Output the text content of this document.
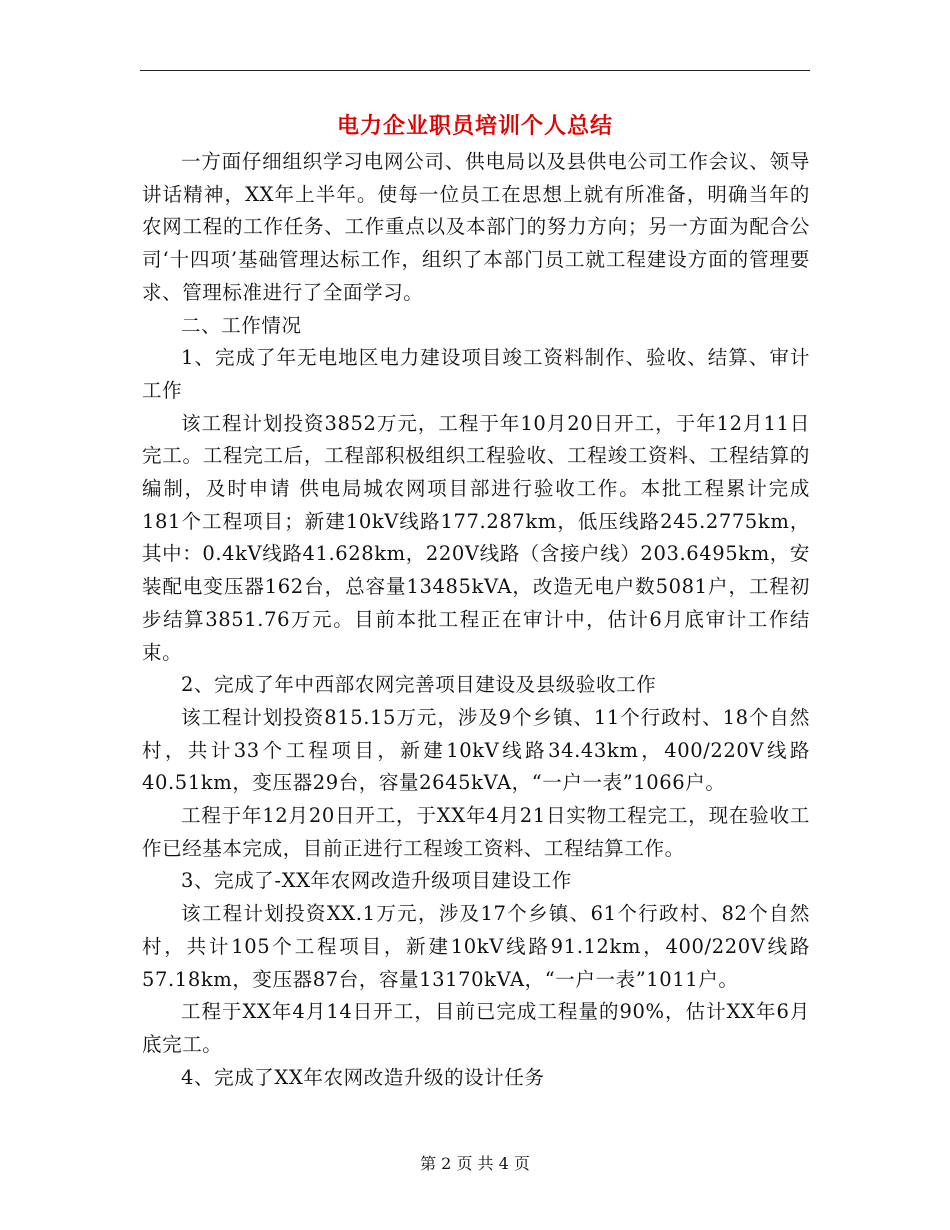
电力企业职员培训个人总结

一方面仔细组织学习电网公司、供电局以及县供电公司工作会议、领导讲话精神，XX年上半年。使每一位员工在思想上就有所准备，明确当年的农网工程的工作任务、工作重点以及本部门的努力方向；另一方面为配合公司‘十四项’基础管理达标工作，组织了本部门员工就工程建设方面的管理要求、管理标准进行了全面学习。

二、工作情况

1、完成了年无电地区电力建设项目竣工资料制作、验收、结算、审计工作

该工程计划投资3852万元，工程于年10月20日开工，于年12月11日完工。工程完工后，工程部积极组织工程验收、工程竣工资料、工程结算的编制，及时申请 供电局城农网项目部进行验收工作。本批工程累计完成181个工程项目；新建10kV线路177.287km，低压线路245.2775km，其中：0.4kV线路41.628km，220V线路（含接户线）203.6495km，安装配电变压器162台，总容量13485kVA，改造无电户数5081户，工程初步结算3851.76万元。目前本批工程正在审计中，估计6月底审计工作结束。

2、完成了年中西部农网完善项目建设及县级验收工作

该工程计划投资815.15万元，涉及9个乡镇、11个行政村、18个自然村，共计33个工程项目，新建10kV线路34.43km，400/220V线路40.51km，变压器29台，容量2645kVA，“一户一表”1066户。

工程于年12月20日开工，于XX年4月21日实物工程完工，现在验收工作已经基本完成，目前正进行工程竣工资料、工程结算工作。

3、完成了-XX年农网改造升级项目建设工作

该工程计划投资XX.1万元，涉及17个乡镇、61个行政村、82个自然村，共计105个工程项目，新建10kV线路91.12km，400/220V线路57.18km，变压器87台，容量13170kVA，“一户一表”1011户。

工程于XX年4月14日开工，目前已完成工程量的90%，估计XX年6月底完工。

4、完成了XX年农网改造升级的设计任务

第 2 页 共 4 页
